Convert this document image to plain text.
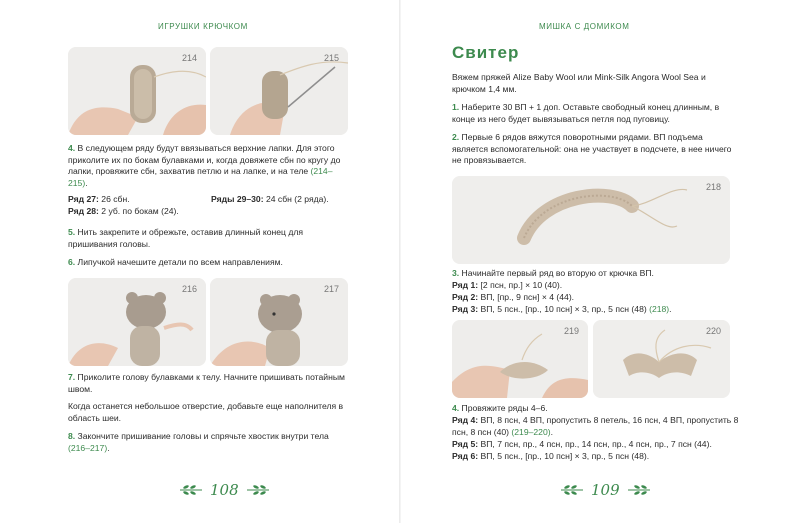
ИГРУШКИ КРЮЧКОМ
214	215
4. В следующем ряду будут ввязываться верхние лапки. Для этого приколите их по бокам булавками и, когда довяжете сбн по кругу до лапки, провяжите сбн, захватив петлю и на лапке, и на теле (214–215).
Ряд 27: 26 сбн.	Ряды 29–30: 24 сбн (2 ряда).
Ряд 28: 2 уб. по бокам (24).
5. Нить закрепите и обрежьте, оставив длинный конец для пришивания головы.
6. Липучкой начешите детали по всем направлениям.
216	217
7. Приколите голову булавками к телу. Начните пришивать потайным швом.
Когда останется небольшое отверстие, добавьте еще наполнителя в область шеи.
8. Закончите пришивание головы и спрячьте хвостик внутри тела (216–217).
108
МИШКА С ДОМИКОМ
Свитер
Вяжем пряжей Alize Baby Wool или Mink-Silk Angora Wool Sea и крючком 1,4 мм.
1. Наберите 30 ВП + 1 доп. Оставьте свободный конец длинным, в конце из него будет вывязываться петля под пуговицу.
2. Первые 6 рядов вяжутся поворотными рядами. ВП подъема является вспомогательной: она не участвует в подсчете, в нее ничего не провязывается.
218
3. Начинайте первый ряд во вторую от крючка ВП.
Ряд 1: [2 псн, пр.] × 10 (40).
Ряд 2: ВП, [пр., 9 псн] × 4 (44).
Ряд 3: ВП, 5 псн., [пр., 10 псн] × 3, пр., 5 псн (48) (218).
219	220
4. Провяжите ряды 4–6.
Ряд 4: ВП, 8 псн, 4 ВП, пропустить 8 петель, 16 псн, 4 ВП, пропустить 8 псн, 8 псн (40) (219–220).
Ряд 5: ВП, 7 псн, пр., 4 псн, пр., 14 псн, пр., 4 псн, пр., 7 псн (44).
Ряд 6: ВП, 5 псн., [пр., 10 псн] × 3, пр., 5 псн (48).
109
